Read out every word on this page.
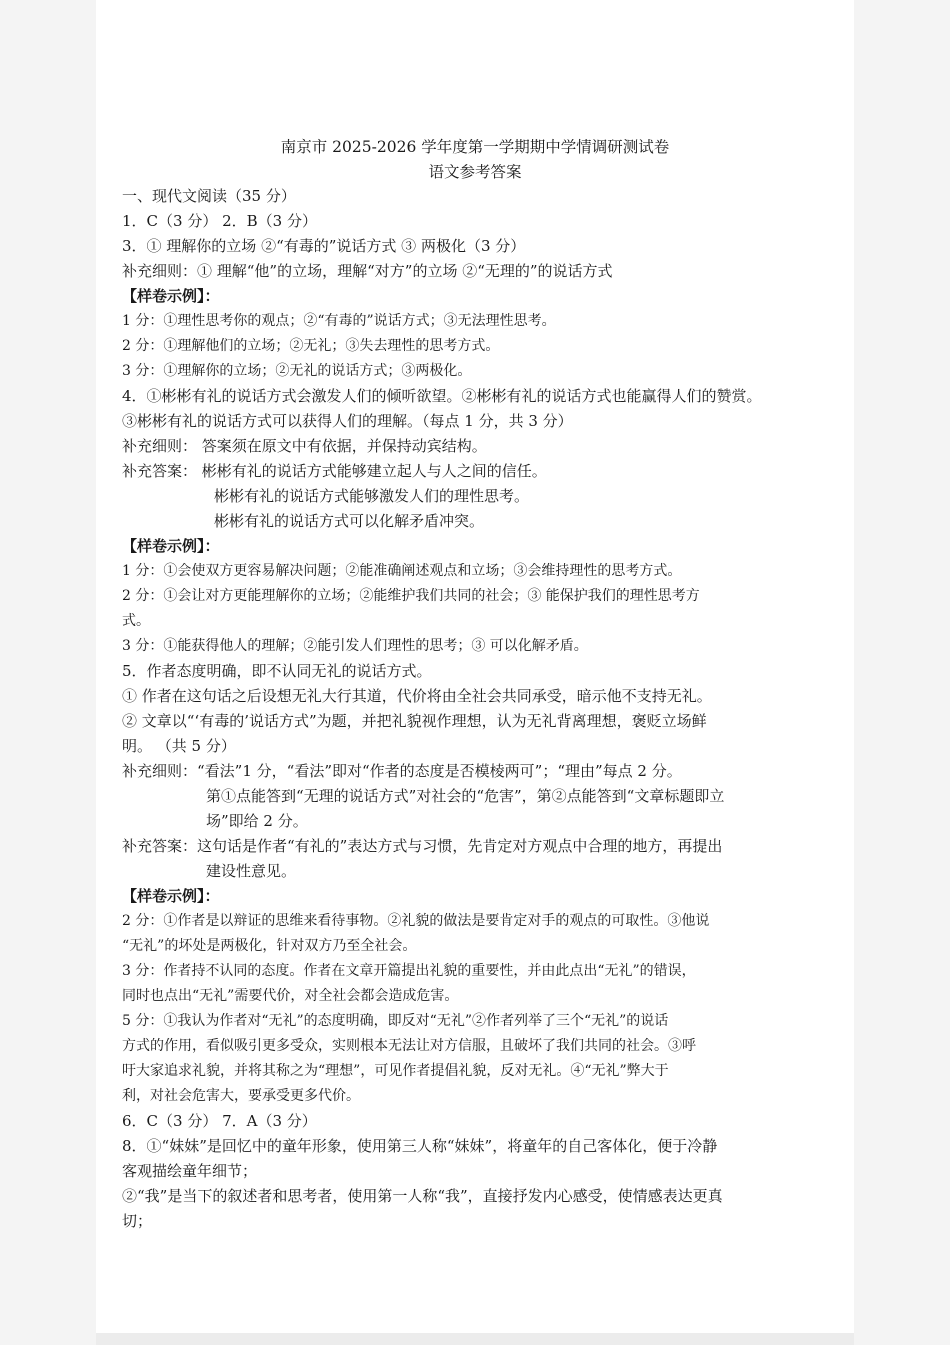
南京市 2025-2026 学年度第一学期期中学情调研测试卷
语文参考答案
一、现代文阅读（35 分）
1．C（3 分） 2．B（3 分）
3．① 理解你的立场 ②“有毒的”说话方式 ③ 两极化（3 分）
补充细则：① 理解“他”的立场，理解“对方”的立场 ②“无理的”的说话方式
【样卷示例】：
1 分：①理性思考你的观点；②“有毒的”说话方式；③无法理性思考。
2 分：①理解他们的立场；②无礼；③失去理性的思考方式。
3 分：①理解你的立场；②无礼的说话方式；③两极化。
4．①彬彬有礼的说话方式会激发人们的倾听欲望。②彬彬有礼的说话方式也能赢得人们的赞赏。
③彬彬有礼的说话方式可以获得人们的理解。（每点 1 分，共 3 分）
补充细则： 答案须在原文中有依据，并保持动宾结构。
补充答案： 彬彬有礼的说话方式能够建立起人与人之间的信任。
彬彬有礼的说话方式能够激发人们的理性思考。
彬彬有礼的说话方式可以化解矛盾冲突。
【样卷示例】：
1 分：①会使双方更容易解决问题；②能准确阐述观点和立场；③会维持理性的思考方式。
2 分：①会让对方更能理解你的立场；②能维护我们共同的社会；③ 能保护我们的理性思考方
式。
3 分：①能获得他人的理解；②能引发人们理性的思考；③ 可以化解矛盾。
5．作者态度明确，即不认同无礼的说话方式。
① 作者在这句话之后设想无礼大行其道，代价将由全社会共同承受，暗示他不支持无礼。
② 文章以“‘有毒的’说话方式”为题，并把礼貌视作理想，认为无礼背离理想，褒贬立场鲜
明。 （共 5 分）
补充细则：“看法”1 分，“看法”即对“作者的态度是否模棱两可”；“理由”每点 2 分。
第①点能答到“无理的说话方式”对社会的“危害”，第②点能答到“文章标题即立
场”即给 2 分。
补充答案：这句话是作者“有礼的”表达方式与习惯，先肯定对方观点中合理的地方，再提出
建设性意见。
【样卷示例】：
2 分：①作者是以辩证的思维来看待事物。②礼貌的做法是要肯定对手的观点的可取性。③他说
“无礼”的坏处是两极化，针对双方乃至全社会。
3 分：作者持不认同的态度。作者在文章开篇提出礼貌的重要性，并由此点出“无礼”的错误，
同时也点出“无礼”需要代价，对全社会都会造成危害。
5 分：①我认为作者对“无礼”的态度明确，即反对“无礼”②作者列举了三个“无礼”的说话
方式的作用，看似吸引更多受众，实则根本无法让对方信服，且破坏了我们共同的社会。③呼
吁大家追求礼貌，并将其称之为“理想”，可见作者提倡礼貌，反对无礼。④“无礼”弊大于
利，对社会危害大，要承受更多代价。
6．C（3 分） 7．A（3 分）
8．①“妹妹”是回忆中的童年形象，使用第三人称“妹妹”，将童年的自己客体化，便于冷静
客观描绘童年细节；
②“我”是当下的叙述者和思考者，使用第一人称“我”，直接抒发内心感受，使情感表达更真
切；
